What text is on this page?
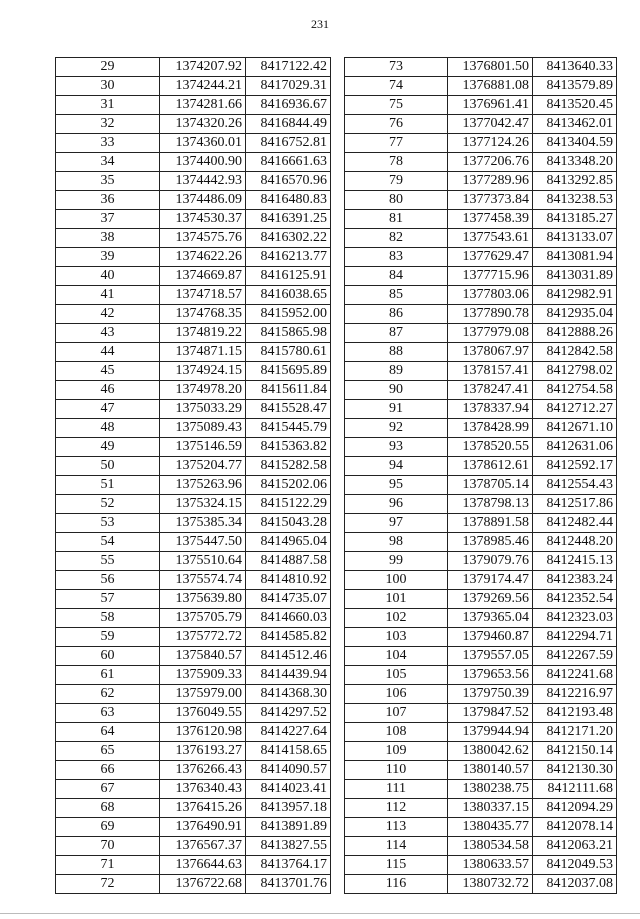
231
29	1374207.92	8417122.42
30	1374244.21	8417029.31
31	1374281.66	8416936.67
32	1374320.26	8416844.49
33	1374360.01	8416752.81
34	1374400.90	8416661.63
35	1374442.93	8416570.96
36	1374486.09	8416480.83
37	1374530.37	8416391.25
38	1374575.76	8416302.22
39	1374622.26	8416213.77
40	1374669.87	8416125.91
41	1374718.57	8416038.65
42	1374768.35	8415952.00
43	1374819.22	8415865.98
44	1374871.15	8415780.61
45	1374924.15	8415695.89
46	1374978.20	8415611.84
47	1375033.29	8415528.47
48	1375089.43	8415445.79
49	1375146.59	8415363.82
50	1375204.77	8415282.58
51	1375263.96	8415202.06
52	1375324.15	8415122.29
53	1375385.34	8415043.28
54	1375447.50	8414965.04
55	1375510.64	8414887.58
56	1375574.74	8414810.92
57	1375639.80	8414735.07
58	1375705.79	8414660.03
59	1375772.72	8414585.82
60	1375840.57	8414512.46
61	1375909.33	8414439.94
62	1375979.00	8414368.30
63	1376049.55	8414297.52
64	1376120.98	8414227.64
65	1376193.27	8414158.65
66	1376266.43	8414090.57
67	1376340.43	8414023.41
68	1376415.26	8413957.18
69	1376490.91	8413891.89
70	1376567.37	8413827.55
71	1376644.63	8413764.17
72	1376722.68	8413701.76
73	1376801.50	8413640.33
74	1376881.08	8413579.89
75	1376961.41	8413520.45
76	1377042.47	8413462.01
77	1377124.26	8413404.59
78	1377206.76	8413348.20
79	1377289.96	8413292.85
80	1377373.84	8413238.53
81	1377458.39	8413185.27
82	1377543.61	8413133.07
83	1377629.47	8413081.94
84	1377715.96	8413031.89
85	1377803.06	8412982.91
86	1377890.78	8412935.04
87	1377979.08	8412888.26
88	1378067.97	8412842.58
89	1378157.41	8412798.02
90	1378247.41	8412754.58
91	1378337.94	8412712.27
92	1378428.99	8412671.10
93	1378520.55	8412631.06
94	1378612.61	8412592.17
95	1378705.14	8412554.43
96	1378798.13	8412517.86
97	1378891.58	8412482.44
98	1378985.46	8412448.20
99	1379079.76	8412415.13
100	1379174.47	8412383.24
101	1379269.56	8412352.54
102	1379365.04	8412323.03
103	1379460.87	8412294.71
104	1379557.05	8412267.59
105	1379653.56	8412241.68
106	1379750.39	8412216.97
107	1379847.52	8412193.48
108	1379944.94	8412171.20
109	1380042.62	8412150.14
110	1380140.57	8412130.30
111	1380238.75	8412111.68
112	1380337.15	8412094.29
113	1380435.77	8412078.14
114	1380534.58	8412063.21
115	1380633.57	8412049.53
116	1380732.72	8412037.08
